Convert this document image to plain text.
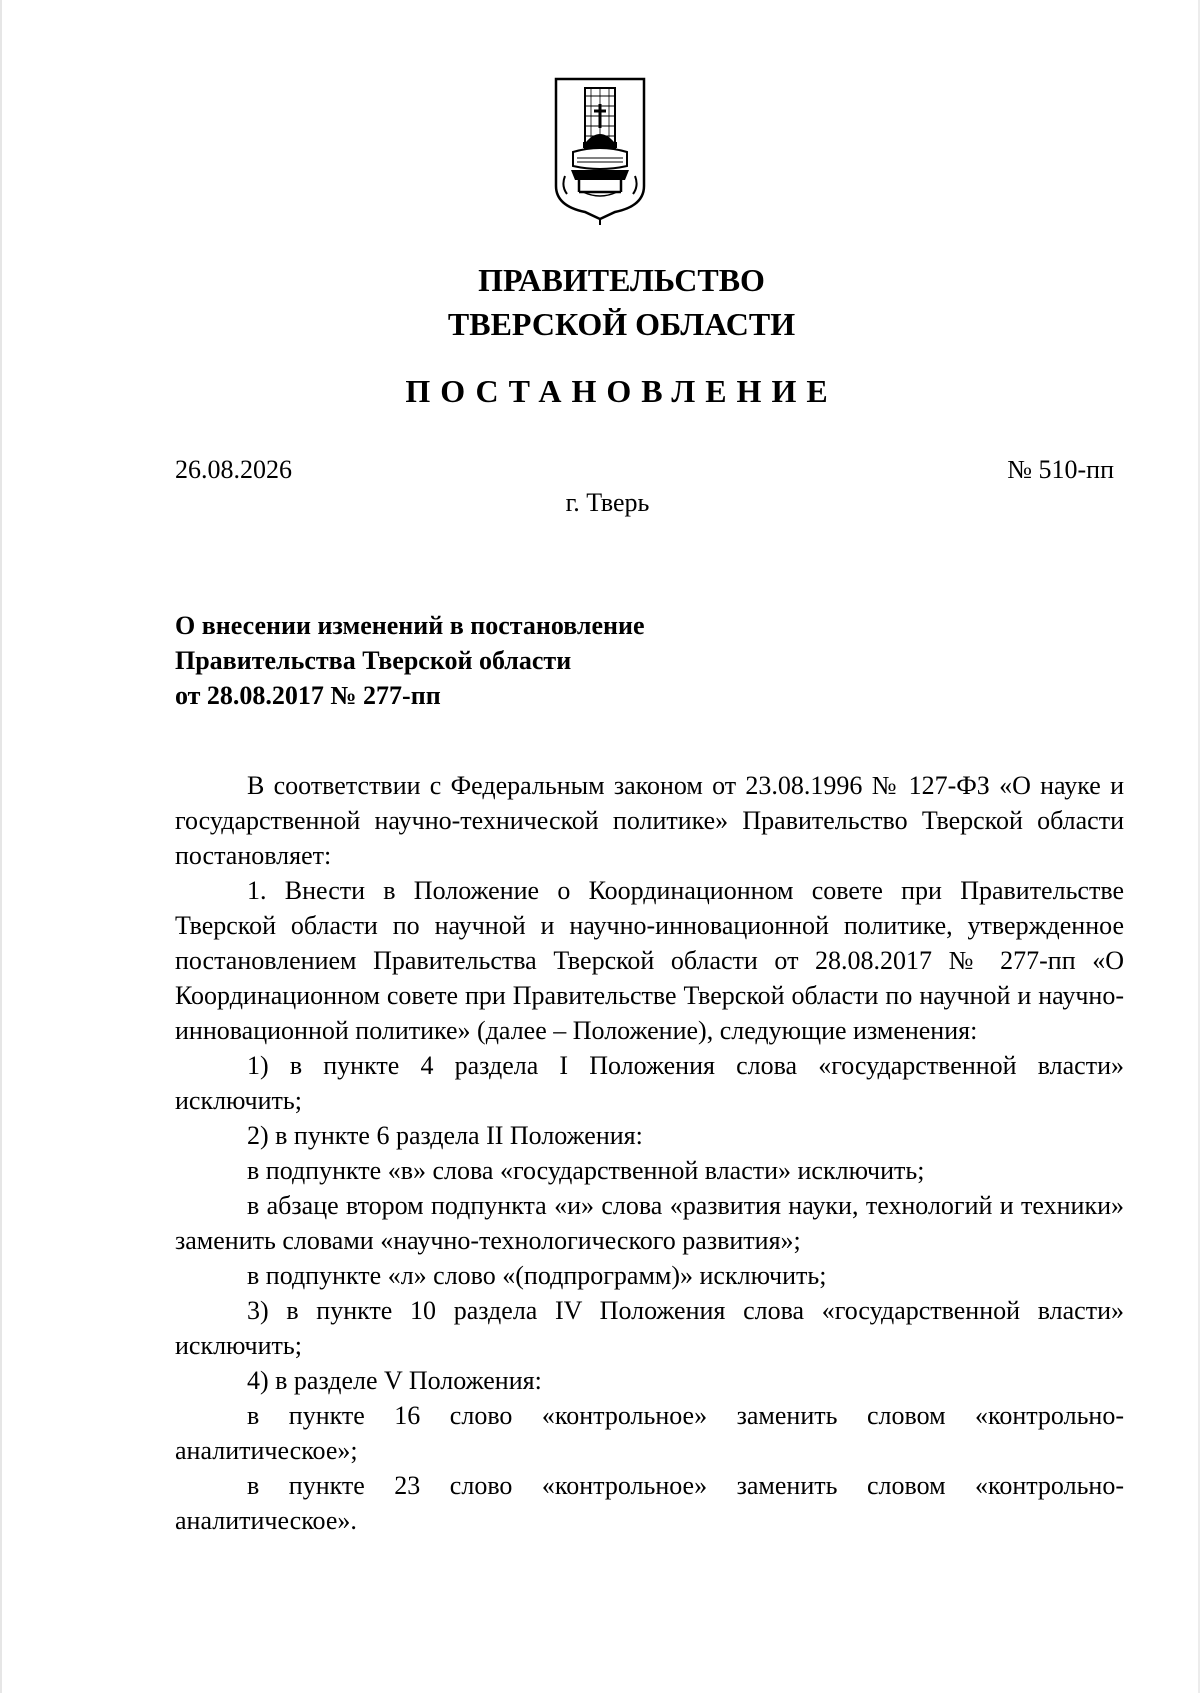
ПРАВИТЕЛЬСТВО
ТВЕРСКОЙ ОБЛАСТИ
ПОСТАНОВЛЕНИЕ
26.08.2026	№ 510-пп
г. Тверь
О внесении изменений в постановление
Правительства Тверской области
от 28.08.2017 № 277-пп

В соответствии с Федеральным законом от 23.08.1996 № 127-ФЗ «О науке и государственной научно-технической политике» Правительство Тверской области постановляет:

1. Внести в Положение о Координационном совете при Правительстве Тверской области по научной и научно-инновационной политике, утвержденное постановлением Правительства Тверской области от 28.08.2017 № 277-пп «О Координационном совете при Правительстве Тверской области по научной и научно-инновационной политике» (далее – Положение), следующие изменения:

1) в пункте 4 раздела I Положения слова «государственной власти» исключить;

2) в пункте 6 раздела II Положения:

в подпункте «в» слова «государственной власти» исключить;

в абзаце втором подпункта «и» слова «развития науки, технологий и техники» заменить словами «научно-технологического развития»;

в подпункте «л» слово «(подпрограмм)» исключить;

3) в пункте 10 раздела IV Положения слова «государственной власти» исключить;

4) в разделе V Положения:

в пункте 16 слово «контрольное» заменить словом «контрольно-аналитическое»;

в пункте 23 слово «контрольное» заменить словом «контрольно-аналитическое».
